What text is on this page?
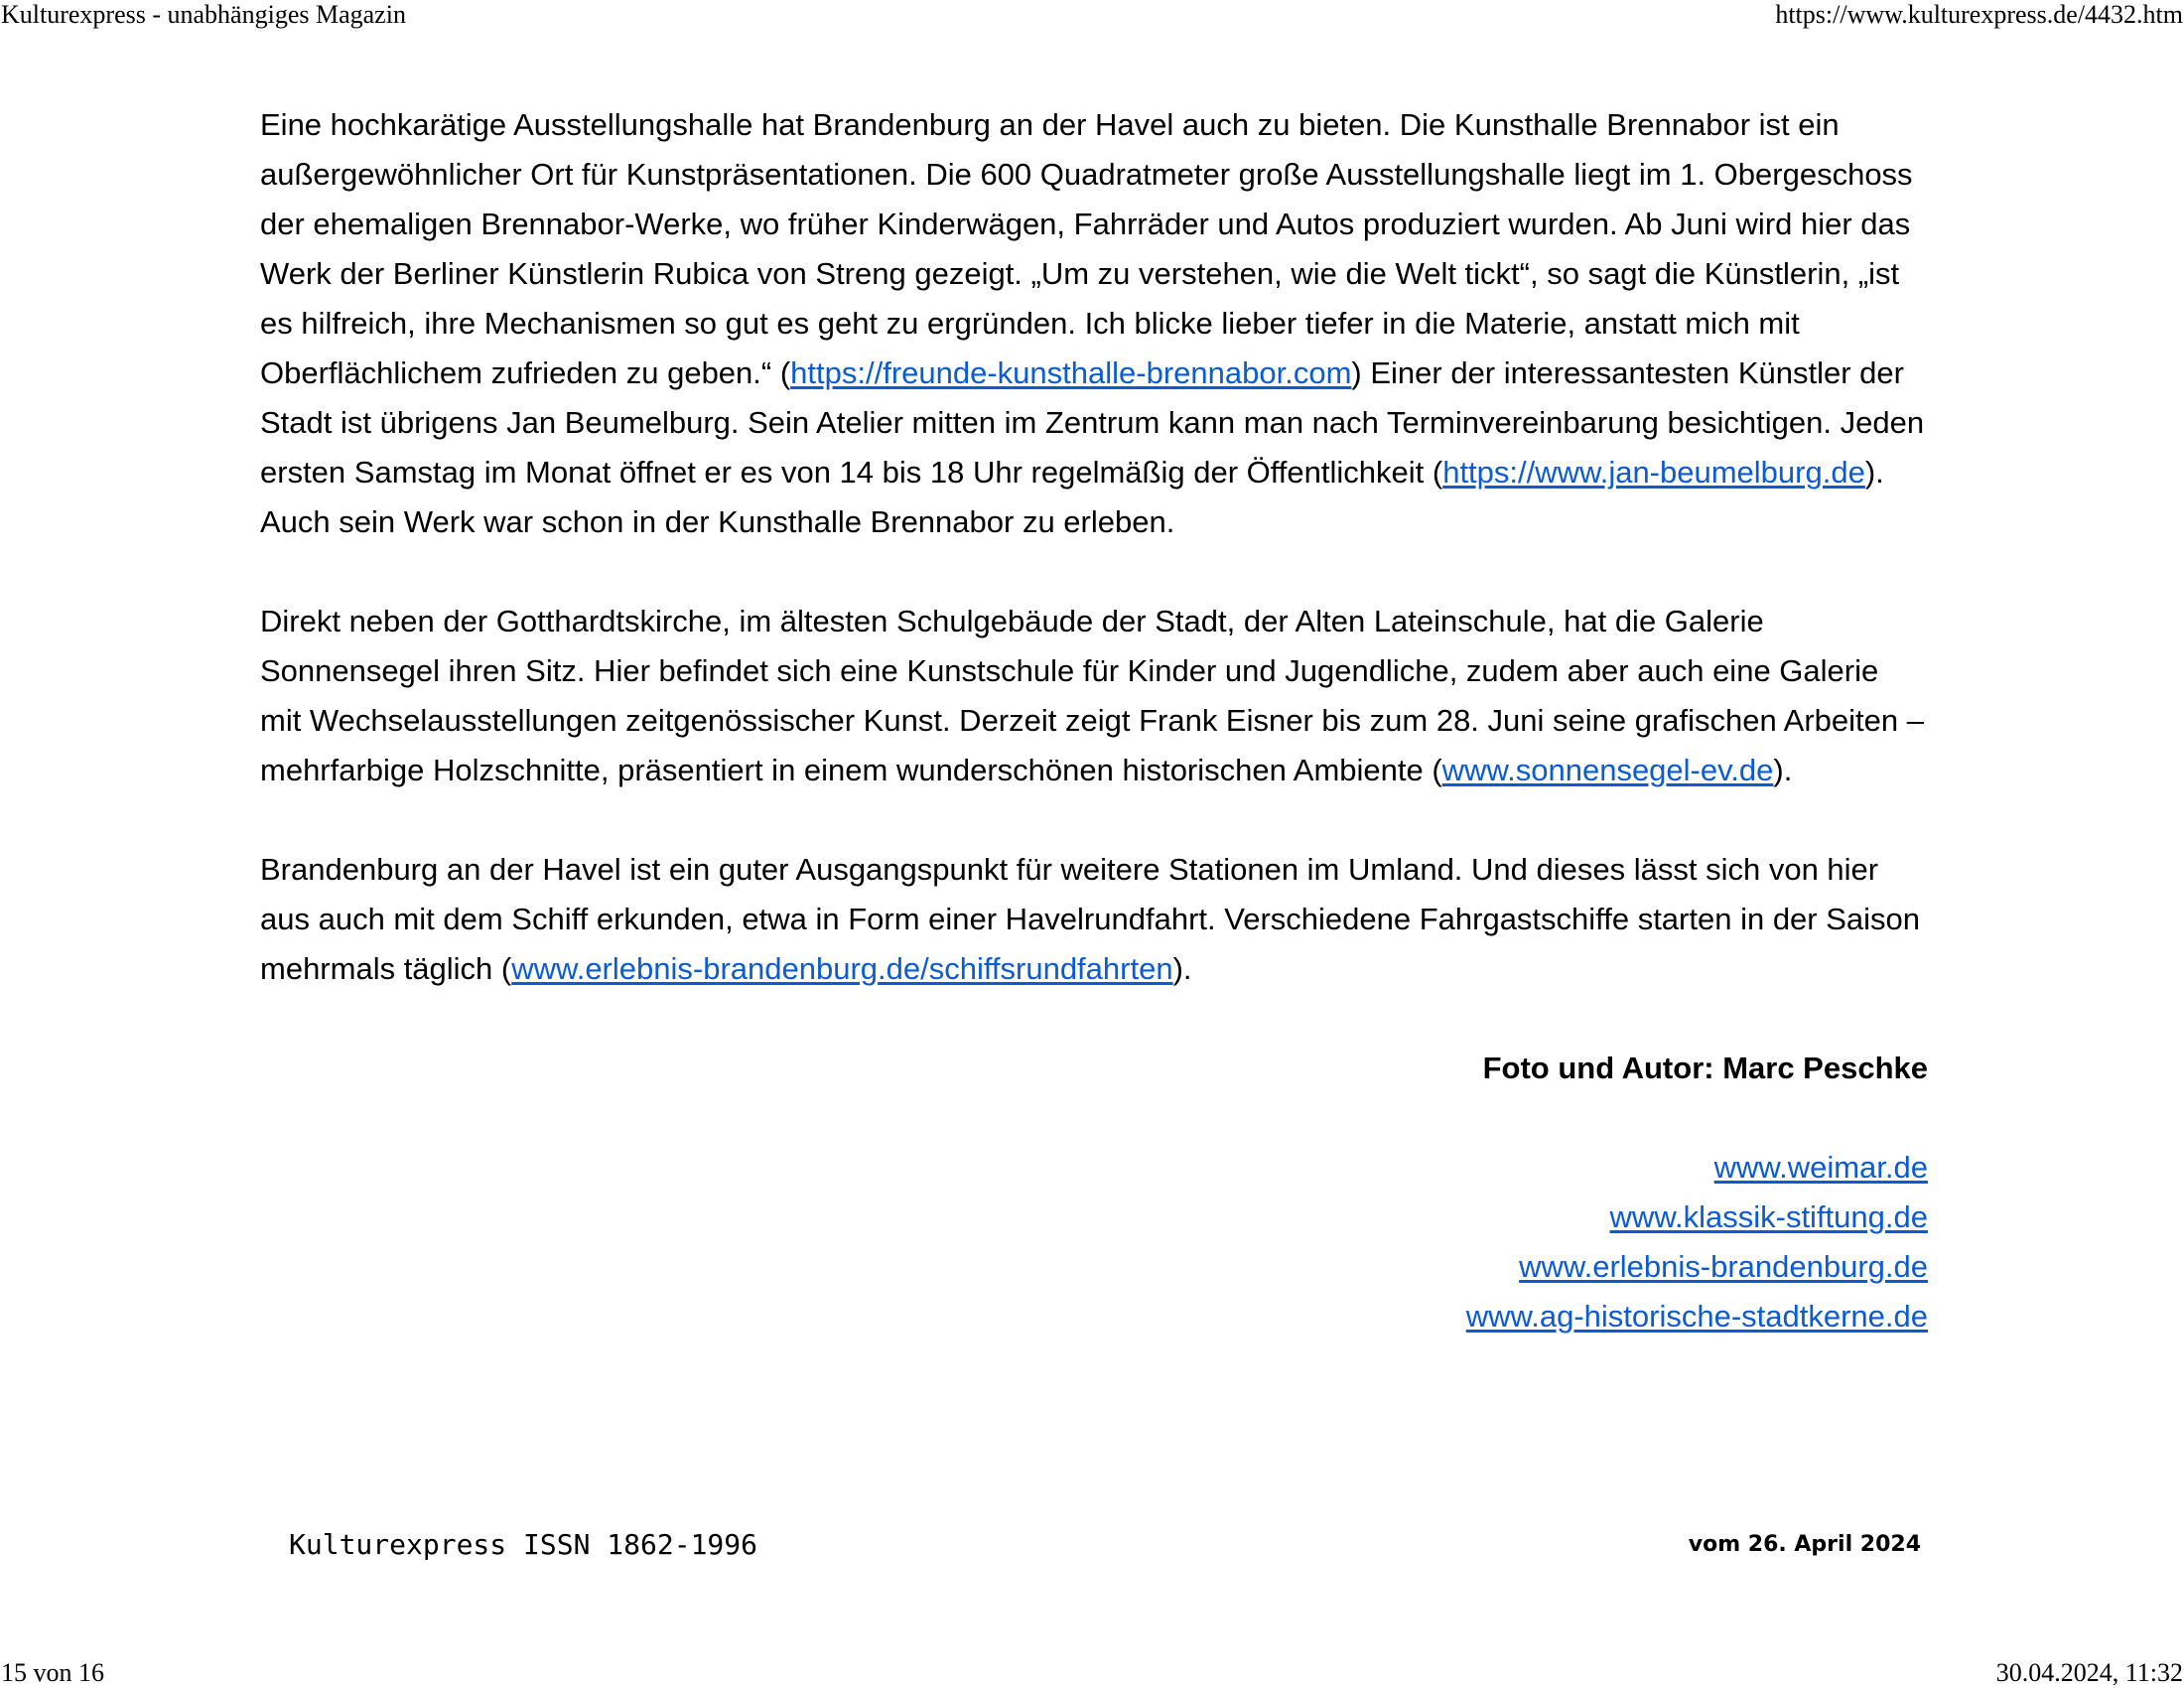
Kulturexpress - unabhängiges Magazin	https://www.kulturexpress.de/4432.htm

Eine hochkarätige Ausstellungshalle hat Brandenburg an der Havel auch zu bieten. Die Kunsthalle Brennabor ist ein außergewöhnlicher Ort für Kunstpräsentationen. Die 600 Quadratmeter große Ausstellungshalle liegt im 1. Obergeschoss der ehemaligen Brennabor-Werke, wo früher Kinderwägen, Fahrräder und Autos produziert wurden. Ab Juni wird hier das Werk der Berliner Künstlerin Rubica von Streng gezeigt. „Um zu verstehen, wie die Welt tickt“, so sagt die Künstlerin, „ist es hilfreich, ihre Mechanismen so gut es geht zu ergründen. Ich blicke lieber tiefer in die Materie, anstatt mich mit Oberflächlichem zufrieden zu geben.“ (https://freunde-kunsthalle-brennabor.com) Einer der interessantesten Künstler der Stadt ist übrigens Jan Beumelburg. Sein Atelier mitten im Zentrum kann man nach Terminvereinbarung besichtigen. Jeden ersten Samstag im Monat öffnet er es von 14 bis 18 Uhr regelmäßig der Öffentlichkeit (https://www.jan-beumelburg.de). Auch sein Werk war schon in der Kunsthalle Brennabor zu erleben.

Direkt neben der Gotthardtskirche, im ältesten Schulgebäude der Stadt, der Alten Lateinschule, hat die Galerie Sonnensegel ihren Sitz. Hier befindet sich eine Kunstschule für Kinder und Jugendliche, zudem aber auch eine Galerie mit Wechselausstellungen zeitgenössischer Kunst. Derzeit zeigt Frank Eisner bis zum 28. Juni seine grafischen Arbeiten – mehrfarbige Holzschnitte, präsentiert in einem wunderschönen historischen Ambiente (www.sonnensegel-ev.de).

Brandenburg an der Havel ist ein guter Ausgangspunkt für weitere Stationen im Umland. Und dieses lässt sich von hier aus auch mit dem Schiff erkunden, etwa in Form einer Havelrundfahrt. Verschiedene Fahrgastschiffe starten in der Saison mehrmals täglich (www.erlebnis-brandenburg.de/schiffsrundfahrten).

Foto und Autor: Marc Peschke
www.weimar.de
www.klassik-stiftung.de
www.erlebnis-brandenburg.de
www.ag-historische-stadtkerne.de
Kulturexpress ISSN 1862-1996	vom 26. April 2024
15 von 16	30.04.2024, 11:32
